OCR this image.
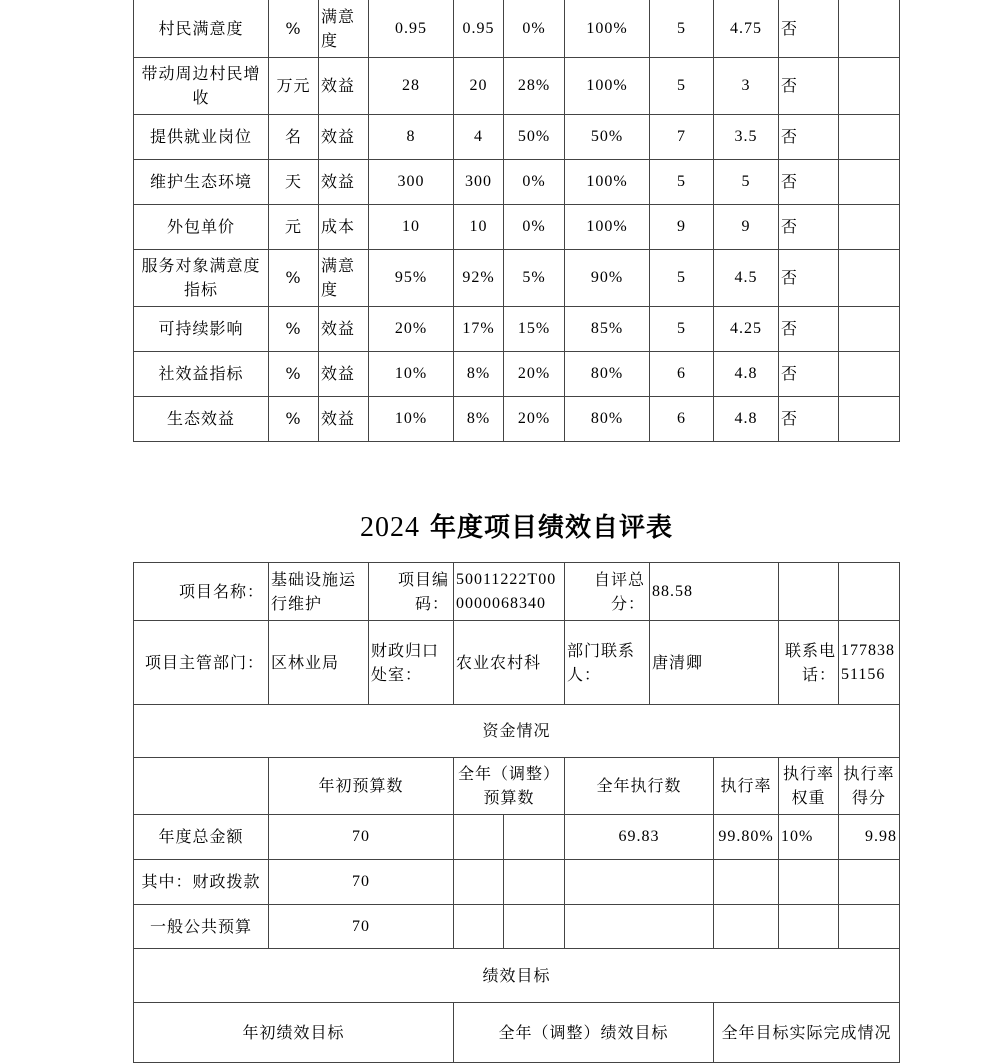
村民满意度	%	满意度	0.95	0.95	0%	100%	5	4.75	否	
带动周边村民增收	万元	效益	28	20	28%	100%	5	3	否	
提供就业岗位	名	效益	8	4	50%	50%	7	3.5	否	
维护生态环境	天	效益	300	300	0%	100%	5	5	否	
外包单价	元	成本	10	10	0%	100%	9	9	否	
服务对象满意度指标	%	满意度	95%	92%	5%	90%	5	4.5	否	
可持续影响	%	效益	20%	17%	15%	85%	5	4.25	否	
社效益指标	%	效益	10%	8%	20%	80%	6	4.8	否	
生态效益	%	效益	10%	8%	20%	80%	6	4.8	否	
2024 年度项目绩效自评表
项目名称：	基础设施运行维护	项目编码：	50011222T000000068340		自评总分：	88.58			
项目主管部门：	区林业局	财政归口处室：	农业农村科		部门联系人：	唐清卿		联系电话：	17783851156
资金情况									
	年初预算数		全年（调整）预算数		全年执行数		执行率	执行率权重	执行率得分
年度总金额	70				69.83		99.80%	10%	9.98
其中：财政拨款	70								
一般公共预算	70								
绩效目标									
年初绩效目标			全年（调整）绩效目标				全年目标实际完成情况		
